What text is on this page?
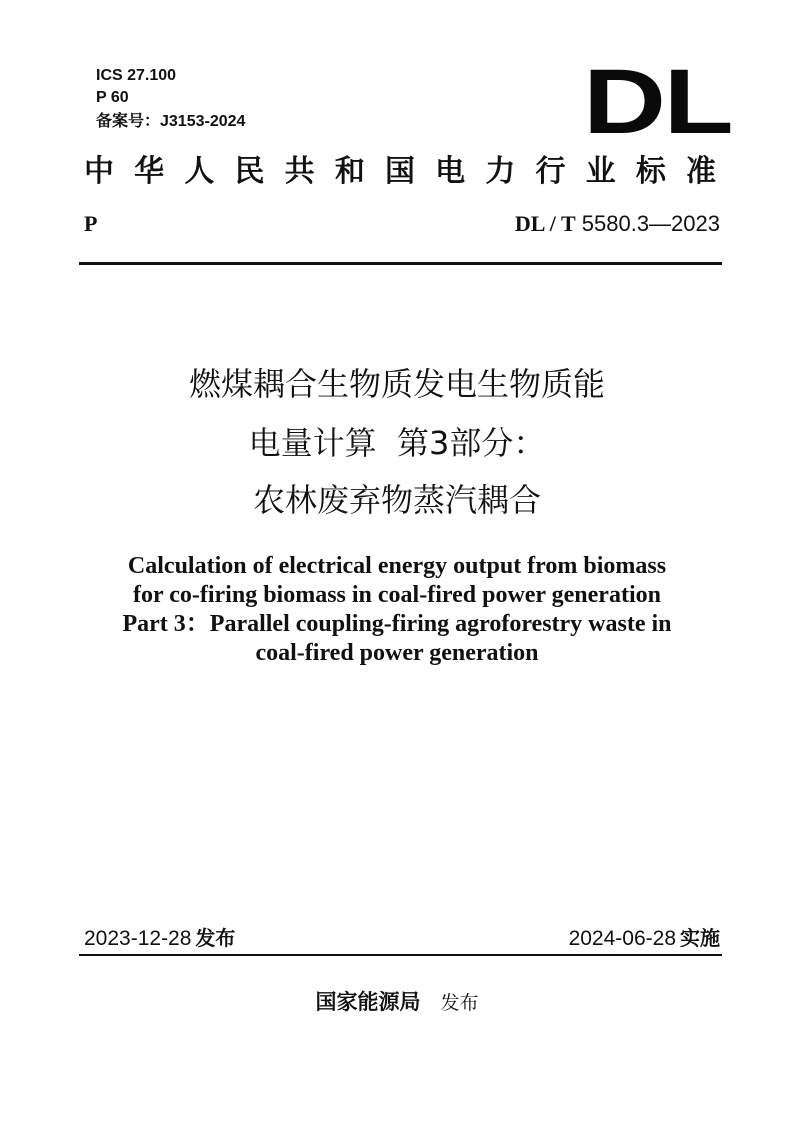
ICS 27.100
P 60
备案号：J3153-2024	DL
中华人民共和国电力行业标准
P	DL / T 5580.3—2023
燃煤耦合生物质发电生物质能
电量计算  第3部分：
农林废弃物蒸汽耦合
Calculation of electrical energy output from biomass
for co-firing biomass in coal-fired power generation
Part 3：Parallel coupling-firing agroforestry waste in
coal-fired power generation
2023-12-28 发布	2024-06-28 实施
国家能源局 发布
